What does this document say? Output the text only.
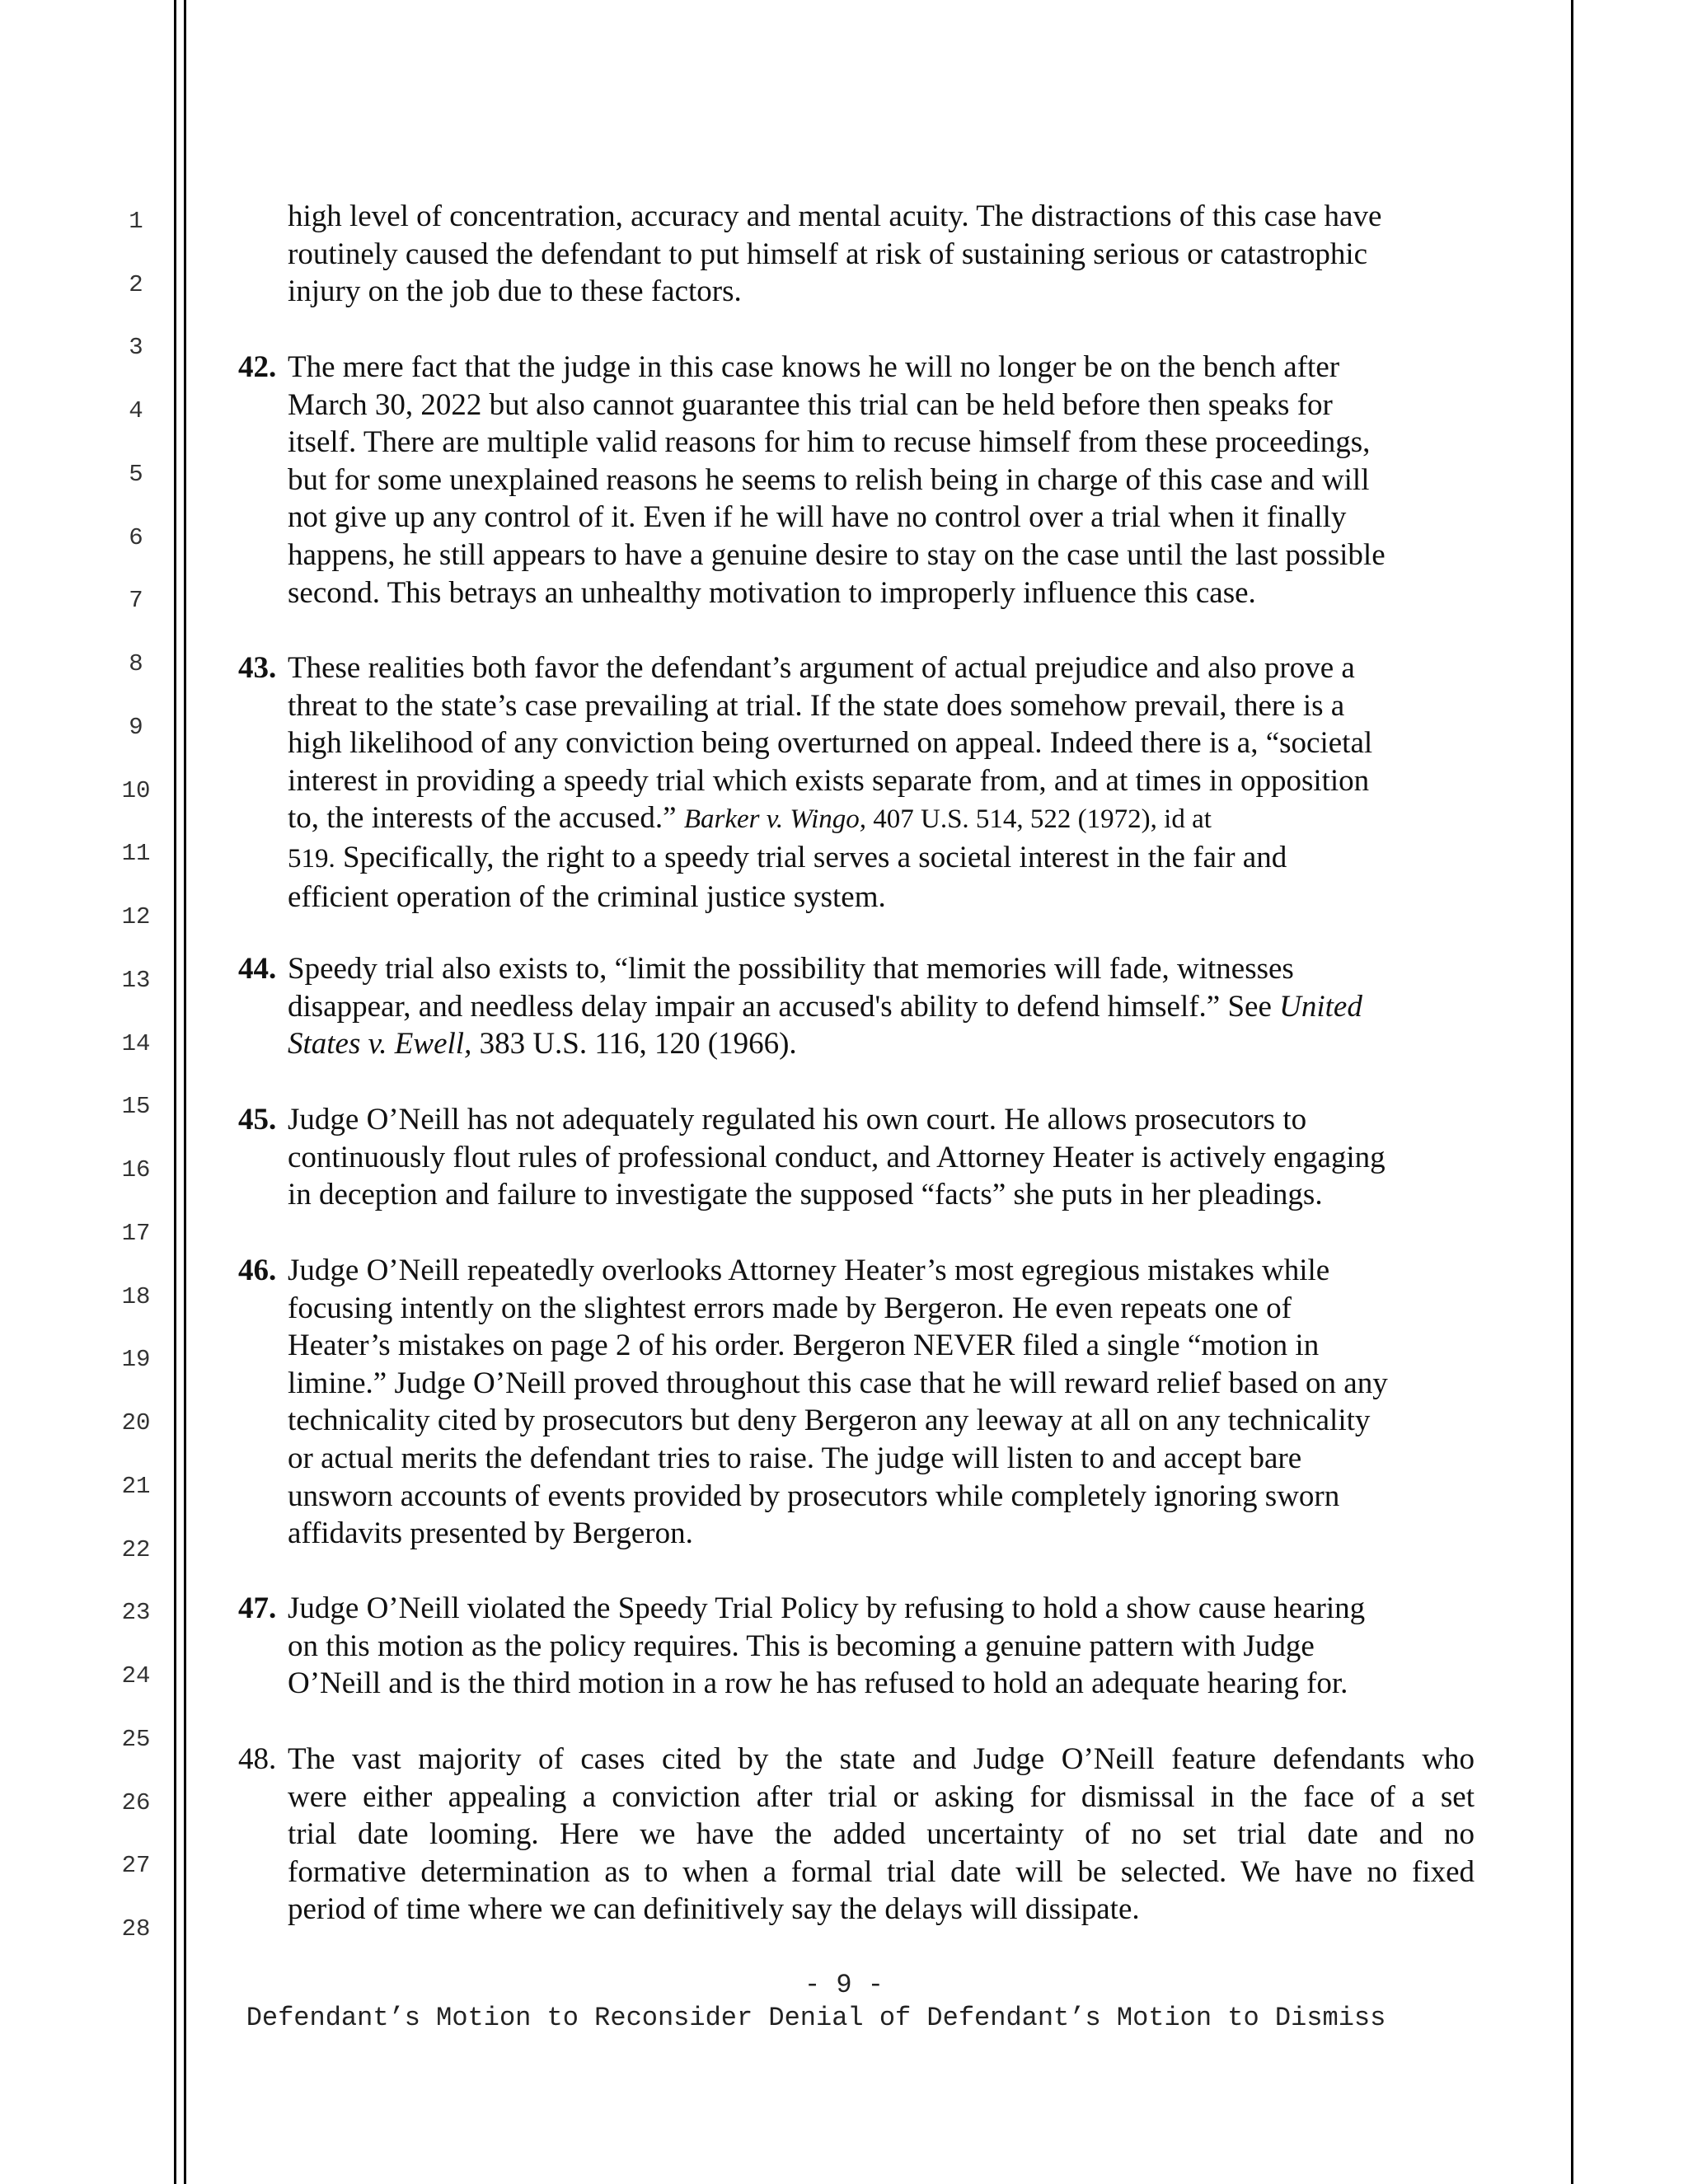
1
2
3
4
5
6
7
8
9
10
11
12
13
14
15
16
17
18
19
20
21
22
23
24
25
26
27
28
high level of concentration, accuracy and mental acuity. The distractions of this case have
routinely caused the defendant to put himself at risk of sustaining serious or catastrophic
injury on the job due to these factors.
42. The mere fact that the judge in this case knows he will no longer be on the bench after
March 30, 2022 but also cannot guarantee this trial can be held before then speaks for
itself. There are multiple valid reasons for him to recuse himself from these proceedings,
but for some unexplained reasons he seems to relish being in charge of this case and will
not give up any control of it. Even if he will have no control over a trial when it finally
happens, he still appears to have a genuine desire to stay on the case until the last possible
second. This betrays an unhealthy motivation to improperly influence this case.
43. These realities both favor the defendant’s argument of actual prejudice and also prove a
threat to the state’s case prevailing at trial. If the state does somehow prevail, there is a
high likelihood of any conviction being overturned on appeal. Indeed there is a, “societal
interest in providing a speedy trial which exists separate from, and at times in opposition
to, the interests of the accused.” Barker v. Wingo, 407 U.S. 514, 522 (1972), id at
519. Specifically, the right to a speedy trial serves a societal interest in the fair and
efficient operation of the criminal justice system.
44. Speedy trial also exists to, “limit the possibility that memories will fade, witnesses
disappear, and needless delay impair an accused's ability to defend himself.” See United
States v. Ewell, 383 U.S. 116, 120 (1966).
45. Judge O’Neill has not adequately regulated his own court. He allows prosecutors to
continuously flout rules of professional conduct, and Attorney Heater is actively engaging
in deception and failure to investigate the supposed “facts” she puts in her pleadings.
46. Judge O’Neill repeatedly overlooks Attorney Heater’s most egregious mistakes while
focusing intently on the slightest errors made by Bergeron. He even repeats one of
Heater’s mistakes on page 2 of his order. Bergeron NEVER filed a single “motion in
limine.” Judge O’Neill proved throughout this case that he will reward relief based on any
technicality cited by prosecutors but deny Bergeron any leeway at all on any technicality
or actual merits the defendant tries to raise. The judge will listen to and accept bare
unsworn accounts of events provided by prosecutors while completely ignoring sworn
affidavits presented by Bergeron.
47. Judge O’Neill violated the Speedy Trial Policy by refusing to hold a show cause hearing
on this motion as the policy requires. This is becoming a genuine pattern with Judge
O’Neill and is the third motion in a row he has refused to hold an adequate hearing for.
48. The vast majority of cases cited by the state and Judge O’Neill feature defendants who
were either appealing a conviction after trial or asking for dismissal in the face of a set
trial date looming. Here we have the added uncertainty of no set trial date and no
formative determination as to when a formal trial date will be selected. We have no fixed
period of time where we can definitively say the delays will dissipate.
- 9 -
Defendant’s Motion to Reconsider Denial of Defendant’s Motion to Dismiss
